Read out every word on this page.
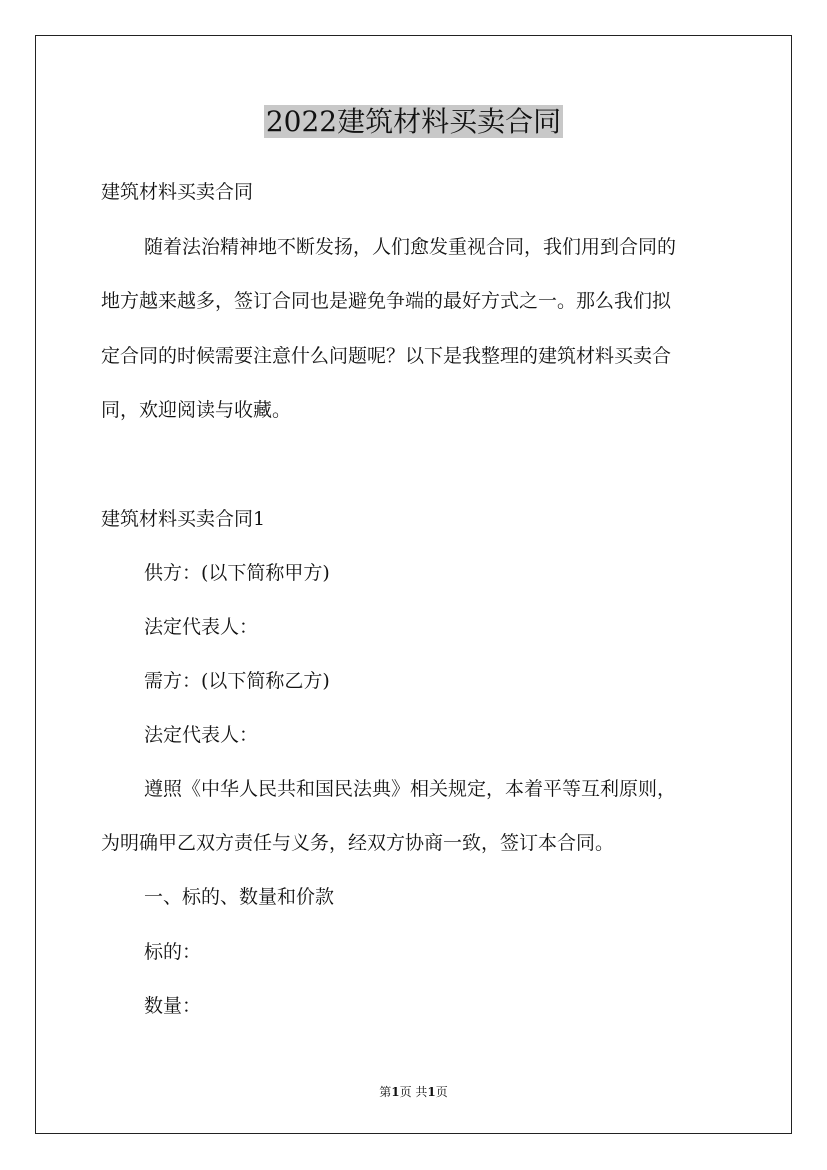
2022建筑材料买卖合同
建筑材料买卖合同
随着法治精神地不断发扬，人们愈发重视合同，我们用到合同的
地方越来越多，签订合同也是避免争端的最好方式之一。那么我们拟
定合同的时候需要注意什么问题呢？以下是我整理的建筑材料买卖合
同，欢迎阅读与收藏。
建筑材料买卖合同1
供方：(以下简称甲方)
法定代表人：
需方：(以下简称乙方)
法定代表人：
遵照《中华人民共和国民法典》相关规定，本着平等互利原则，
为明确甲乙双方责任与义务，经双方协商一致，签订本合同。
一、标的、数量和价款
标的：
数量：
第1页 共1页
